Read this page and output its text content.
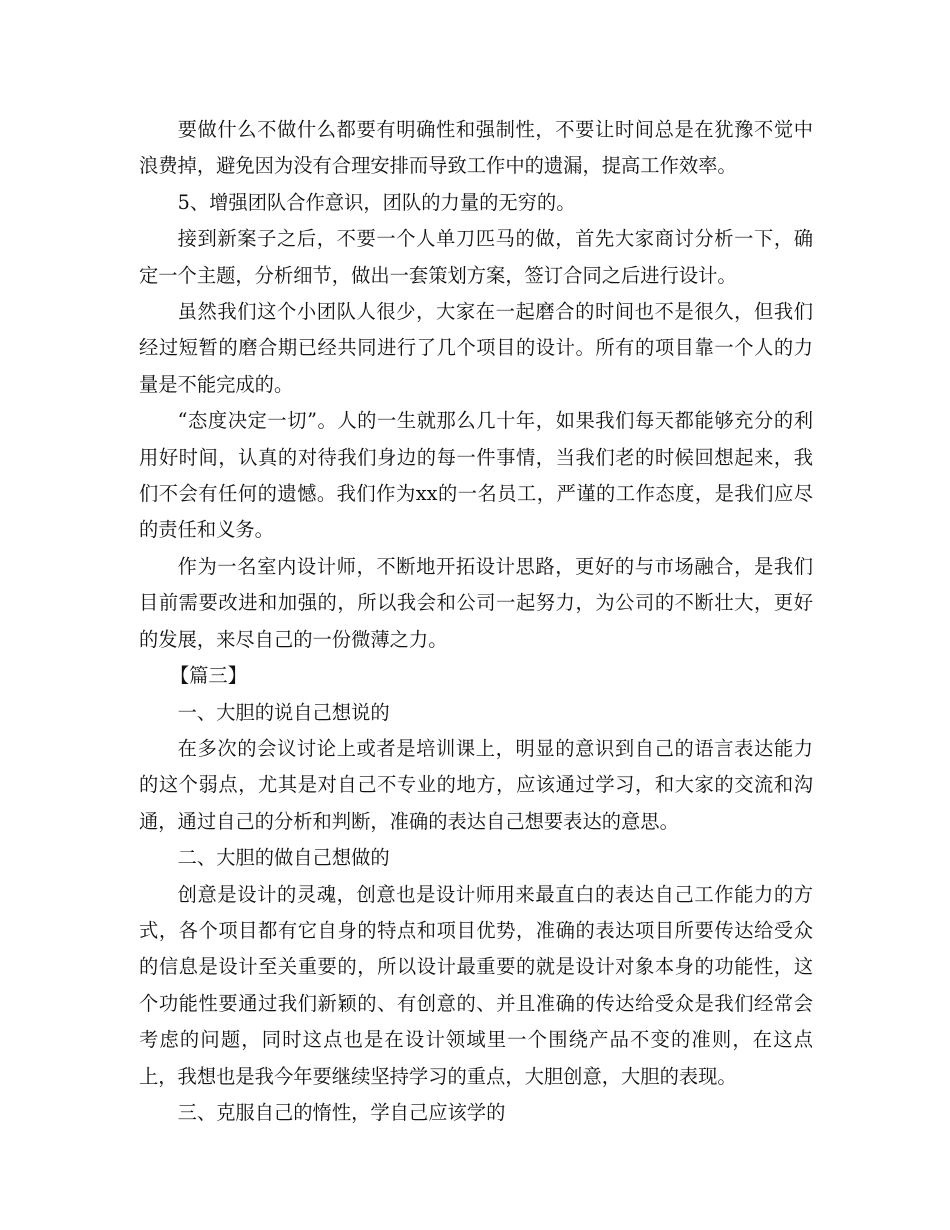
要做什么不做什么都要有明确性和强制性，不要让时间总是在犹豫不觉中浪费掉，避免因为没有合理安排而导致工作中的遗漏，提高工作效率。

5、增强团队合作意识，团队的力量的无穷的。

接到新案子之后，不要一个人单刀匹马的做，首先大家商讨分析一下，确定一个主题，分析细节，做出一套策划方案，签订合同之后进行设计。

虽然我们这个小团队人很少，大家在一起磨合的时间也不是很久，但我们经过短暂的磨合期已经共同进行了几个项目的设计。所有的项目靠一个人的力量是不能完成的。

“态度决定一切”。人的一生就那么几十年，如果我们每天都能够充分的利用好时间，认真的对待我们身边的每一件事情，当我们老的时候回想起来，我们不会有任何的遗憾。我们作为xx的一名员工，严谨的工作态度，是我们应尽的责任和义务。

作为一名室内设计师，不断地开拓设计思路，更好的与市场融合，是我们目前需要改进和加强的，所以我会和公司一起努力，为公司的不断壮大，更好的发展，来尽自己的一份微薄之力。

【篇三】

一、大胆的说自己想说的

在多次的会议讨论上或者是培训课上，明显的意识到自己的语言表达能力的这个弱点，尤其是对自己不专业的地方，应该通过学习，和大家的交流和沟通，通过自己的分析和判断，准确的表达自己想要表达的意思。

二、大胆的做自己想做的

创意是设计的灵魂，创意也是设计师用来最直白的表达自己工作能力的方式，各个项目都有它自身的特点和项目优势，准确的表达项目所要传达给受众的信息是设计至关重要的，所以设计最重要的就是设计对象本身的功能性，这个功能性要通过我们新颖的、有创意的、并且准确的传达给受众是我们经常会考虑的问题，同时这点也是在设计领域里一个围绕产品不变的准则，在这点上，我想也是我今年要继续坚持学习的重点，大胆创意，大胆的表现。

三、克服自己的惰性，学自己应该学的
